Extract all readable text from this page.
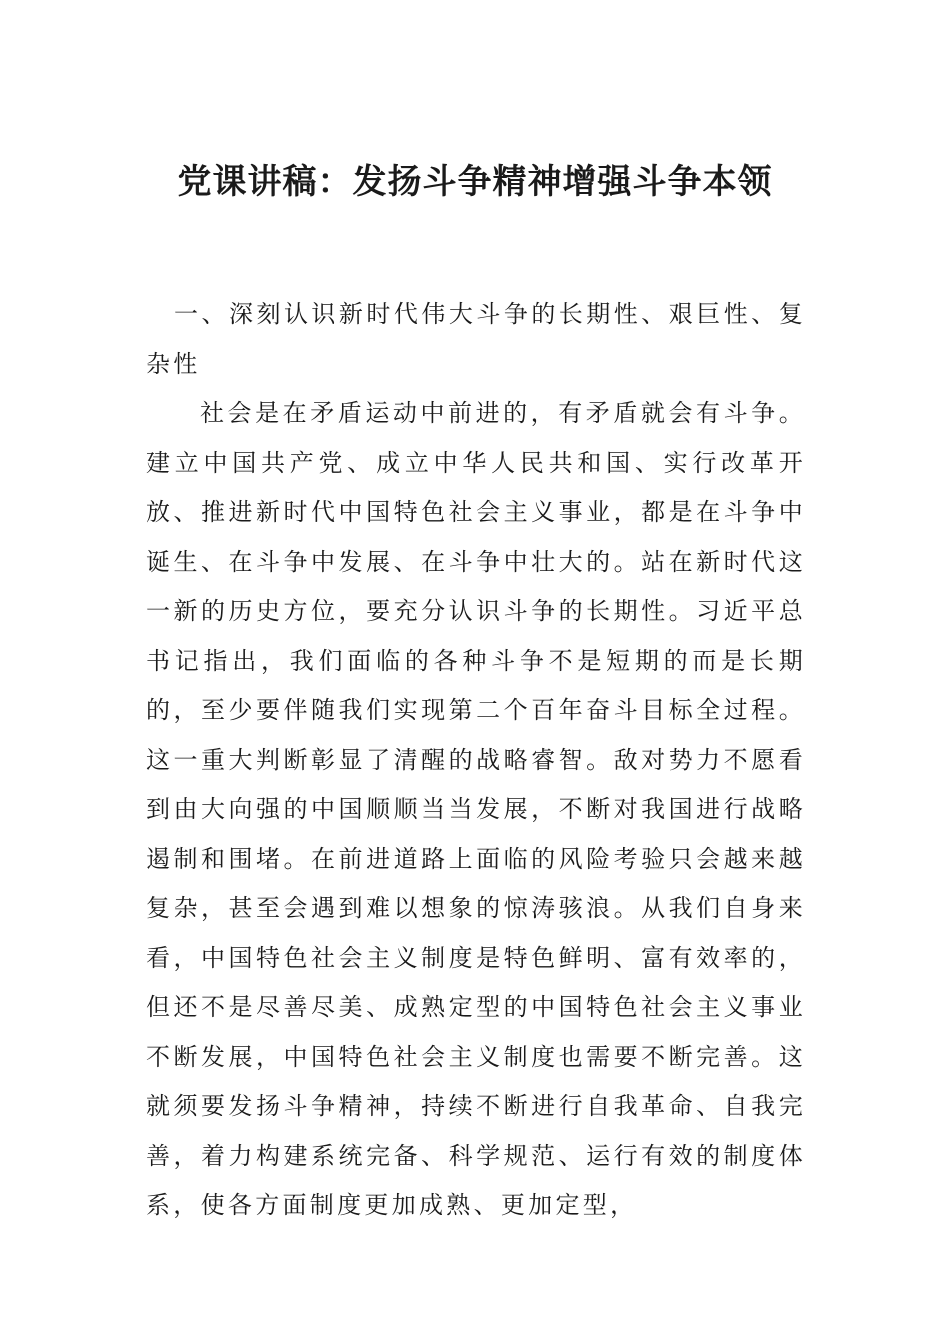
党课讲稿：发扬斗争精神增强斗争本领

一、深刻认识新时代伟大斗争的长期性、艰巨性、复杂性

社会是在矛盾运动中前进的，有矛盾就会有斗争。建立中国共产党、成立中华人民共和国、实行改革开放、推进新时代中国特色社会主义事业，都是在斗争中诞生、在斗争中发展、在斗争中壮大的。站在新时代这一新的历史方位，要充分认识斗争的长期性。习近平总书记指出，我们面临的各种斗争不是短期的而是长期的，至少要伴随我们实现第二个百年奋斗目标全过程。这一重大判断彰显了清醒的战略睿智。敌对势力不愿看到由大向强的中国顺顺当当发展，不断对我国进行战略遏制和围堵。在前进道路上面临的风险考验只会越来越复杂，甚至会遇到难以想象的惊涛骇浪。从我们自身来看，中国特色社会主义制度是特色鲜明、富有效率的，但还不是尽善尽美、成熟定型的中国特色社会主义事业不断发展，中国特色社会主义制度也需要不断完善。这就须要发扬斗争精神，持续不断进行自我革命、自我完善，着力构建系统完备、科学规范、运行有效的制度体系，使各方面制度更加成熟、更加定型，
